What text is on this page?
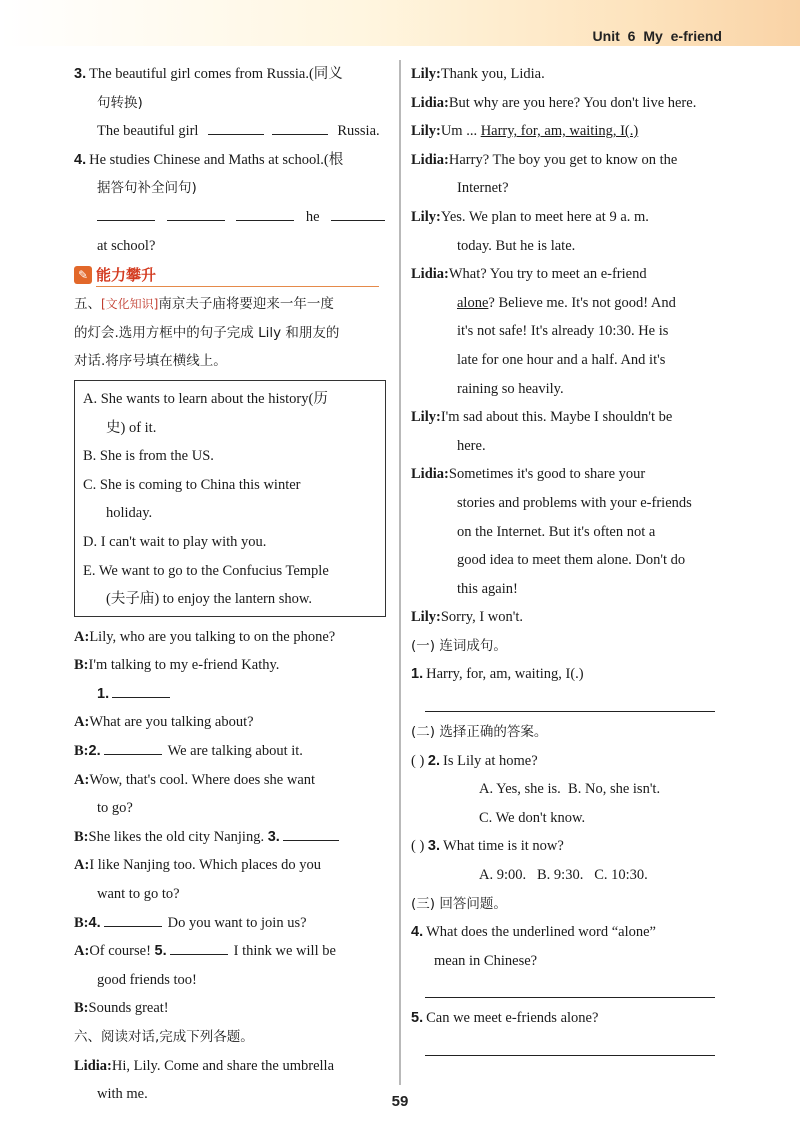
Unit 6 My e-friend
3. The beautiful girl comes from Russia.(同义
句转换)
The beautiful girl	Russia.
4. He studies Chinese and Maths at school.(根
据答句补全问句)
he
at school?
✎ 能力攀升
五、[文化知识]南京夫子庙将要迎来一年一度
的灯会.选用方框中的句子完成 Lily 和朋友的
对话.将序号填在横线上。
A. She wants to learn about the history(历
史) of it.
B. She is from the US.
C. She is coming to China this winter
holiday.
D. I can't wait to play with you.
E. We want to go to the Confucius Temple
(夫子庙) to enjoy the lantern show.
A:Lily, who are you talking to on the phone?
B:I'm talking to my e-friend Kathy.
1.
A:What are you talking about?
B:2.	We are talking about it.
A:Wow, that's cool. Where does she want
to go?
B:She likes the old city Nanjing. 3.
A:I like Nanjing too. Which places do you
want to go to?
B:4.	Do you want to join us?
A:Of course! 5.	I think we will be
good friends too!
B:Sounds great!
六、阅读对话,完成下列各题。
Lidia:Hi, Lily. Come and share the umbrella
with me.
Lily:Thank you, Lidia.
Lidia:But why are you here? You don't live here.
Lily:Um ... Harry, for, am, waiting, I(.)
Lidia:Harry? The boy you get to know on the
Internet?
Lily:Yes. We plan to meet here at 9 a. m.
today. But he is late.
Lidia:What? You try to meet an e-friend
alone? Believe me. It's not good! And
it's not safe! It's already 10:30. He is
late for one hour and a half. And it's
raining so heavily.
Lily:I'm sad about this. Maybe I shouldn't be
here.
Lidia:Sometimes it's good to share your
stories and problems with your e-friends
on the Internet. But it's often not a
good idea to meet them alone. Don't do
this again!
Lily:Sorry, I won't.
(一) 连词成句。
1. Harry, for, am, waiting, I(.)
(二) 选择正确的答案。
( ) 2. Is Lily at home?
A. Yes, she is. B. No, she isn't.
C. We don't know.
( ) 3. What time is it now?
A. 9:00. B. 9:30. C. 10:30.
(三) 回答问题。
4. What does the underlined word “alone”
mean in Chinese?
5. Can we meet e-friends alone?
59
